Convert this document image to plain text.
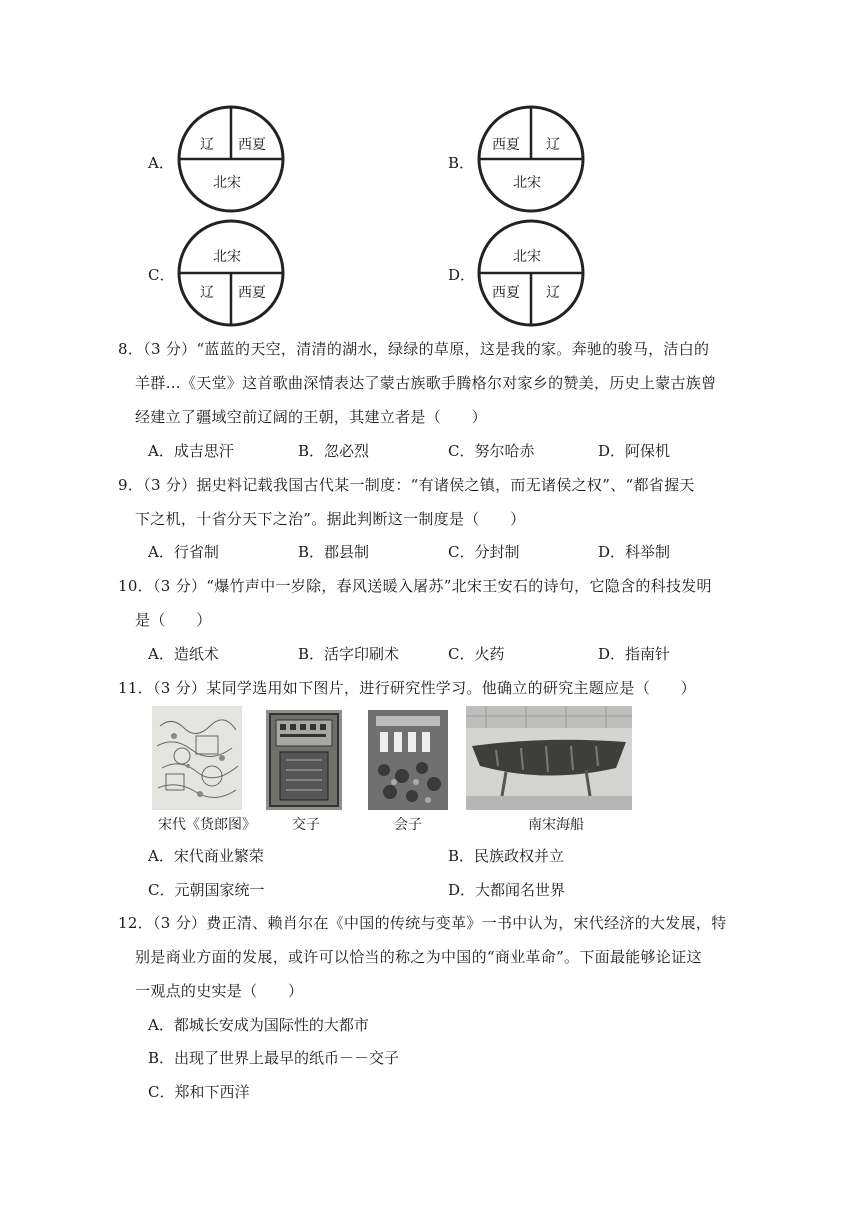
A．
辽 西夏
北宋
B．
西夏 辽
北宋
C．
北宋
辽 西夏
D．
北宋
西夏 辽
8．（3 分）“蓝蓝的天空，清清的湖水，绿绿的草原，这是我的家。奔驰的骏马，洁白的
羊群…《天堂》这首歌曲深情表达了蒙古族歌手腾格尔对家乡的赞美，历史上蒙古族曾
经建立了疆域空前辽阔的王朝，其建立者是（　　）
A．成吉思汗	B．忽必烈	C．努尔哈赤	D．阿保机
9．（3 分）据史料记载我国古代某一制度：“有诸侯之镇，而无诸侯之权”、“都省握天
下之机，十省分天下之治”。据此判断这一制度是（　　）
A．行省制	B．郡县制	C．分封制	D．科举制
10．（3 分）“爆竹声中一岁除，春风送暖入屠苏”北宋王安石的诗句，它隐含的科技发明
是（　　）
A．造纸术	B．活字印刷术	C．火药	D．指南针
11．（3 分）某同学选用如下图片，进行研究性学习。他确立的研究主题应是（　　）
宋代《货郎图》	交子	会子	南宋海船
A．宋代商业繁荣	B．民族政权并立
C．元朝国家统一	D．大都闻名世界
12．（3 分）费正清、赖肖尔在《中国的传统与变革》一书中认为，宋代经济的大发展，特
别是商业方面的发展，或许可以恰当的称之为中国的“商业革命”。下面最能够论证这
一观点的史实是（　　）
A．都城长安成为国际性的大都市
B．出现了世界上最早的纸币－－交子
C．郑和下西洋
